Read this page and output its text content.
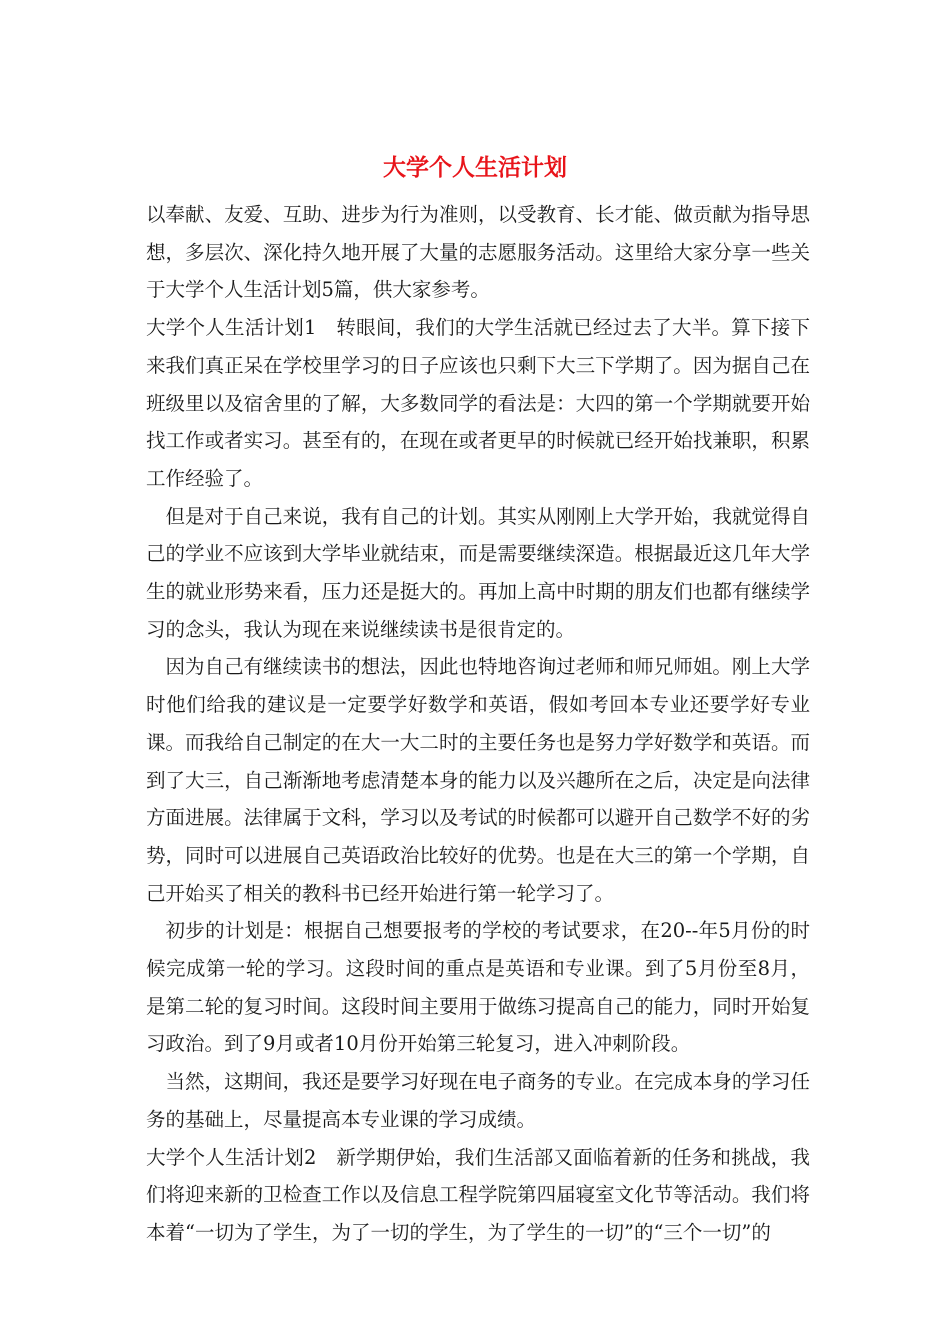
大学个人生活计划

以奉献、友爱、互助、进步为行为准则，以受教育、长才能、做贡献为指导思想，多层次、深化持久地开展了大量的志愿服务活动。这里给大家分享一些关于大学个人生活计划5篇，供大家参考。

大学个人生活计划1　转眼间，我们的大学生活就已经过去了大半。算下接下来我们真正呆在学校里学习的日子应该也只剩下大三下学期了。因为据自己在班级里以及宿舍里的了解，大多数同学的看法是：大四的第一个学期就要开始找工作或者实习。甚至有的，在现在或者更早的时候就已经开始找兼职，积累工作经验了。

但是对于自己来说，我有自己的计划。其实从刚刚上大学开始，我就觉得自己的学业不应该到大学毕业就结束，而是需要继续深造。根据最近这几年大学生的就业形势来看，压力还是挺大的。再加上高中时期的朋友们也都有继续学习的念头，我认为现在来说继续读书是很肯定的。

因为自己有继续读书的想法，因此也特地咨询过老师和师兄师姐。刚上大学时他们给我的建议是一定要学好数学和英语，假如考回本专业还要学好专业课。而我给自己制定的在大一大二时的主要任务也是努力学好数学和英语。而到了大三，自己渐渐地考虑清楚本身的能力以及兴趣所在之后，决定是向法律方面进展。法律属于文科，学习以及考试的时候都可以避开自己数学不好的劣势，同时可以进展自己英语政治比较好的优势。也是在大三的第一个学期，自己开始买了相关的教科书已经开始进行第一轮学习了。

初步的计划是：根据自己想要报考的学校的考试要求，在20--年5月份的时候完成第一轮的学习。这段时间的重点是英语和专业课。到了5月份至8月，是第二轮的复习时间。这段时间主要用于做练习提高自己的能力，同时开始复习政治。到了9月或者10月份开始第三轮复习，进入冲刺阶段。

当然，这期间，我还是要学习好现在电子商务的专业。在完成本身的学习任务的基础上，尽量提高本专业课的学习成绩。

大学个人生活计划2　新学期伊始，我们生活部又面临着新的任务和挑战，我们将迎来新的卫检查工作以及信息工程学院第四届寝室文化节等活动。我们将本着“一切为了学生，为了一切的学生，为了学生的一切”的“三个一切”的
